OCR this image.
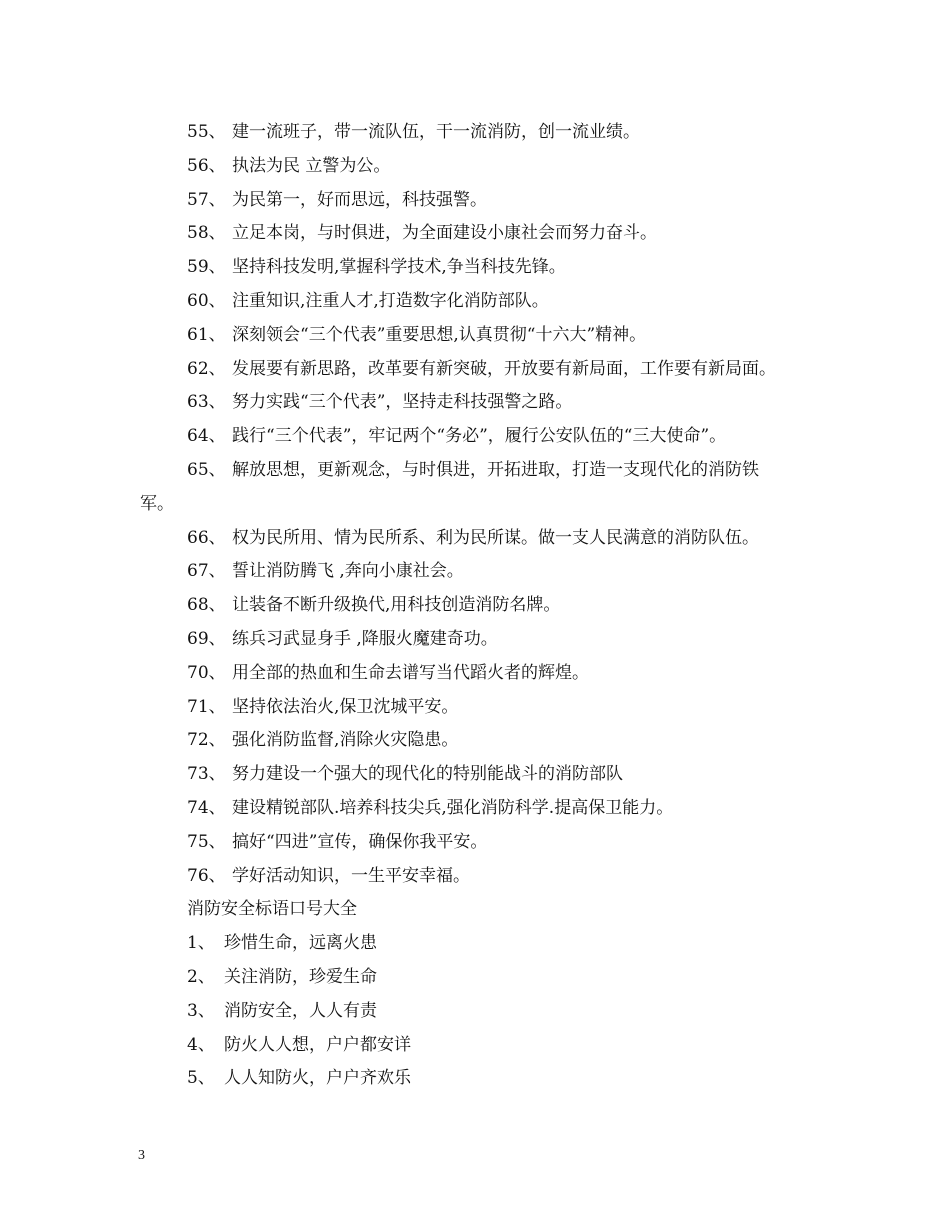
55、 建一流班子，带一流队伍，干一流消防，创一流业绩。
56、 执法为民 立警为公。
57、 为民第一，好而思远，科技强警。
58、 立足本岗，与时俱进，为全面建设小康社会而努力奋斗。
59、 坚持科技发明,掌握科学技术,争当科技先锋。
60、 注重知识,注重人才,打造数字化消防部队。
61、 深刻领会“三个代表”重要思想,认真贯彻“十六大”精神。
62、 发展要有新思路，改革要有新突破，开放要有新局面，工作要有新局面。
63、 努力实践“三个代表”，坚持走科技强警之路。
64、 践行“三个代表”，牢记两个“务必”，履行公安队伍的“三大使命”。
65、 解放思想，更新观念，与时俱进，开拓进取，打造一支现代化的消防铁
军。
66、 权为民所用、情为民所系、利为民所谋。做一支人民满意的消防队伍。
67、 誓让消防腾飞 ,奔向小康社会。
68、 让装备不断升级换代,用科技创造消防名牌。
69、 练兵习武显身手 ,降服火魔建奇功。
70、 用全部的热血和生命去谱写当代蹈火者的辉煌。
71、 坚持依法治火,保卫沈城平安。
72、 强化消防监督,消除火灾隐患。
73、 努力建设一个强大的现代化的特别能战斗的消防部队
74、 建设精锐部队.培养科技尖兵,强化消防科学.提高保卫能力。
75、 搞好“四进”宣传，确保你我平安。
76、 学好活动知识，一生平安幸福。
消防安全标语口号大全
1、 珍惜生命，远离火患
2、 关注消防，珍爱生命
3、 消防安全，人人有责
4、 防火人人想，户户都安详
5、 人人知防火，户户齐欢乐
3
